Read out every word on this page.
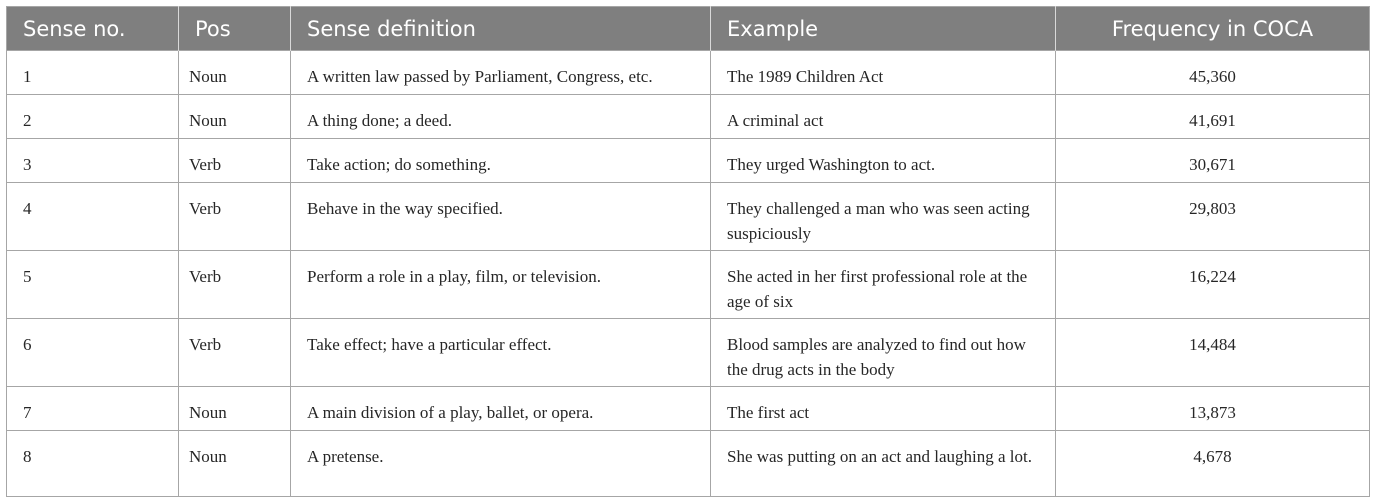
Sense no.	Pos	Sense definition	Example	Frequency in COCA
1	Noun	A written law passed by Parliament, Congress, etc.	The 1989 Children Act	45,360
2	Noun	A thing done; a deed.	A criminal act	41,691
3	Verb	Take action; do something.	They urged Washington to act.	30,671
4	Verb	Behave in the way specified.	They challenged a man who was seen acting suspiciously	29,803
5	Verb	Perform a role in a play, film, or television.	She acted in her first professional role at the age of six	16,224
6	Verb	Take effect; have a particular effect.	Blood samples are analyzed to find out how the drug acts in the body	14,484
7	Noun	A main division of a play, ballet, or opera.	The first act	13,873
8	Noun	A pretense.	She was putting on an act and laughing a lot.	4,678
